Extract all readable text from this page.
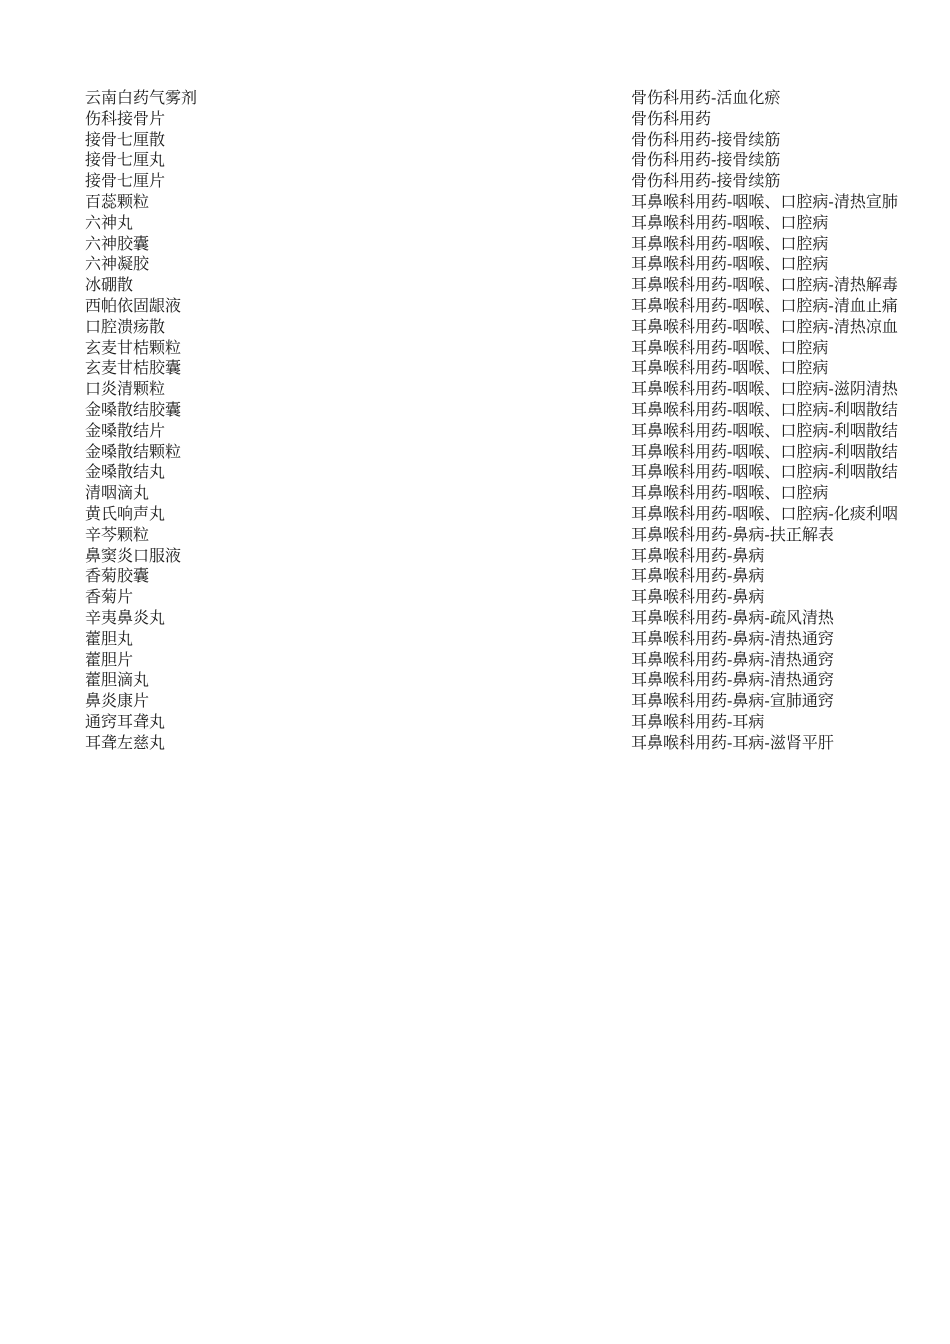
云南白药气雾剂	骨伤科用药-活血化瘀
伤科接骨片	骨伤科用药
接骨七厘散	骨伤科用药-接骨续筋
接骨七厘丸	骨伤科用药-接骨续筋
接骨七厘片	骨伤科用药-接骨续筋
百蕊颗粒	耳鼻喉科用药-咽喉、口腔病-清热宣肺
六神丸	耳鼻喉科用药-咽喉、口腔病
六神胶囊	耳鼻喉科用药-咽喉、口腔病
六神凝胶	耳鼻喉科用药-咽喉、口腔病
冰硼散	耳鼻喉科用药-咽喉、口腔病-清热解毒
西帕依固龈液	耳鼻喉科用药-咽喉、口腔病-清血止痛
口腔溃疡散	耳鼻喉科用药-咽喉、口腔病-清热凉血
玄麦甘桔颗粒	耳鼻喉科用药-咽喉、口腔病
玄麦甘桔胶囊	耳鼻喉科用药-咽喉、口腔病
口炎清颗粒	耳鼻喉科用药-咽喉、口腔病-滋阴清热
金嗓散结胶囊	耳鼻喉科用药-咽喉、口腔病-利咽散结
金嗓散结片	耳鼻喉科用药-咽喉、口腔病-利咽散结
金嗓散结颗粒	耳鼻喉科用药-咽喉、口腔病-利咽散结
金嗓散结丸	耳鼻喉科用药-咽喉、口腔病-利咽散结
清咽滴丸	耳鼻喉科用药-咽喉、口腔病
黄氏响声丸	耳鼻喉科用药-咽喉、口腔病-化痰利咽
辛芩颗粒	耳鼻喉科用药-鼻病-扶正解表
鼻窦炎口服液	耳鼻喉科用药-鼻病
香菊胶囊	耳鼻喉科用药-鼻病
香菊片	耳鼻喉科用药-鼻病
辛夷鼻炎丸	耳鼻喉科用药-鼻病-疏风清热
藿胆丸	耳鼻喉科用药-鼻病-清热通窍
藿胆片	耳鼻喉科用药-鼻病-清热通窍
藿胆滴丸	耳鼻喉科用药-鼻病-清热通窍
鼻炎康片	耳鼻喉科用药-鼻病-宣肺通窍
通窍耳聋丸	耳鼻喉科用药-耳病
耳聋左慈丸	耳鼻喉科用药-耳病-滋肾平肝
